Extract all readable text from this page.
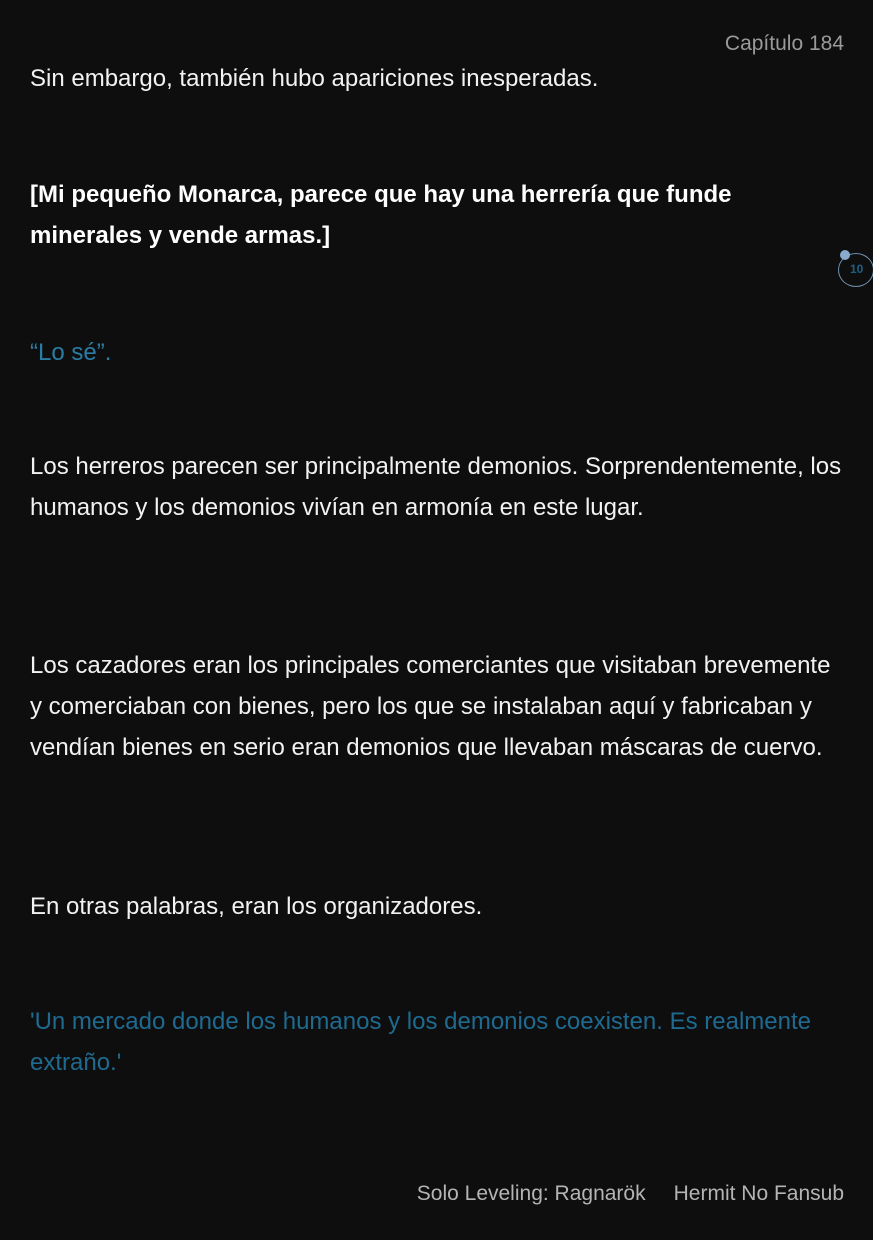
Capítulo 184

Sin embargo, también hubo apariciones inesperadas.

[Mi pequeño Monarca, parece que hay una herrería que funde minerales y vende armas.]

“Lo sé”.

Los herreros parecen ser principalmente demonios. Sorprendentemente, los humanos y los demonios vivían en armonía en este lugar.

Los cazadores eran los principales comerciantes que visitaban brevemente y comerciaban con bienes, pero los que se instalaban aquí y fabricaban y vendían bienes en serio eran demonios que llevaban máscaras de cuervo.

En otras palabras, eran los organizadores.

'Un mercado donde los humanos y los demonios coexisten. Es realmente extraño.'

10
Solo Leveling: Ragnarök Hermit No Fansub
